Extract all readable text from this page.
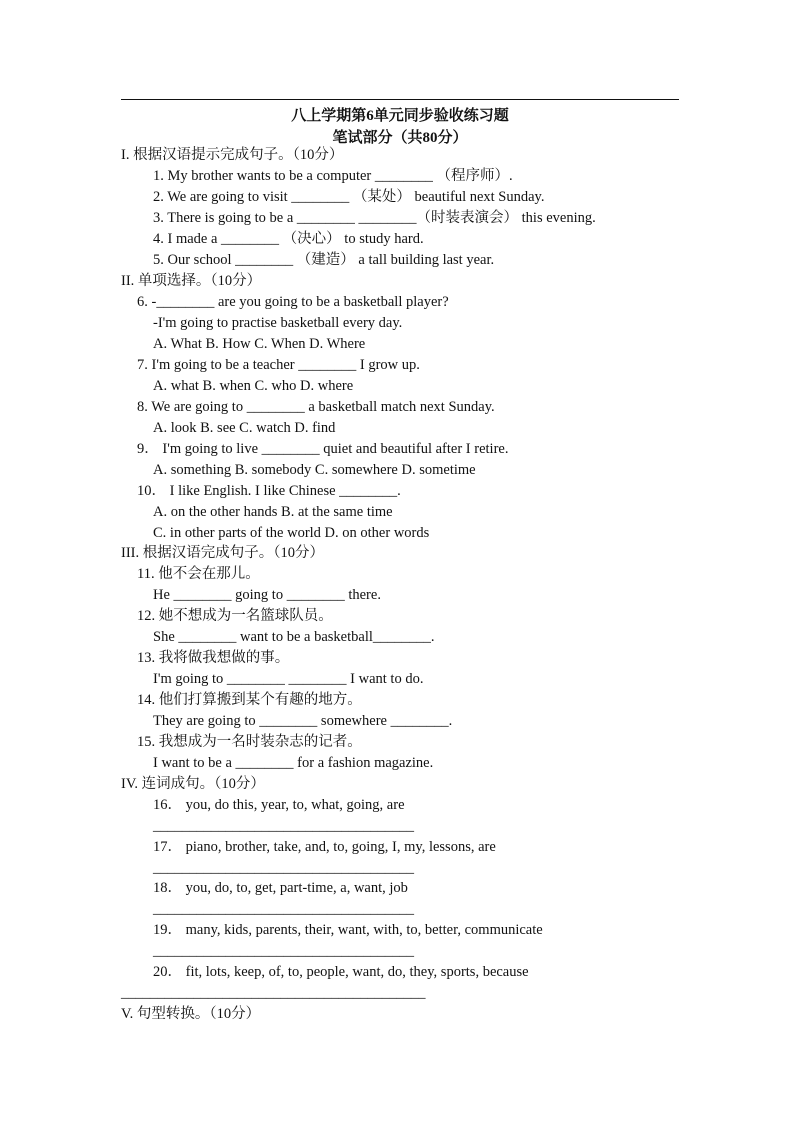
八上学期第6单元同步验收练习题
笔试部分（共80分）
I. 根据汉语提示完成句子。（10分）
1. My brother wants to be a computer ________ （程序师）.
2. We are going to visit ________ （某处） beautiful next Sunday.
3. There is going to be a ________ ________（时装表演会） this evening.
4. I made a ________ （决心） to study hard.
5. Our school ________ （建造） a tall building last year.
II. 单项选择。（10分）
6. -________ are you going to be a basketball player?
-I'm going to practise basketball every day.
A. What B. How C. When D. Where
7. I'm going to be a teacher ________ I grow up.
A. what B. when C. who D. where
8. We are going to ________ a basketball match next Sunday.
A. look B. see C. watch D. find
9． I'm going to live ________ quiet and beautiful after I retire.
A. something B. somebody C. somewhere D. sometime
10． I like English. I like Chinese ________.
A. on the other hands B. at the same time
C. in other parts of the world D. on other words
III. 根据汉语完成句子。（10分）
11. 他不会在那儿。
He ________ going to ________ there.
12. 她不想成为一名篮球队员。
She ________ want to be a basketball________.
13. 我将做我想做的事。
I'm going to ________ ________ I want to do.
14. 他们打算搬到某个有趣的地方。
They are going to ________ somewhere ________.
15. 我想成为一名时装杂志的记者。
I want to be a ________ for a fashion magazine.
IV. 连词成句。（10分）
16． you, do this, year, to, what, going, are
____________________________________
17． piano, brother, take, and, to, going, I, my, lessons, are
____________________________________
18． you, do, to, get, part-time, a, want, job
____________________________________
19． many, kids, parents, their, want, with, to, better, communicate
____________________________________
20． fit, lots, keep, of, to, people, want, do, they, sports, because
__________________________________________
V. 句型转换。（10分）
